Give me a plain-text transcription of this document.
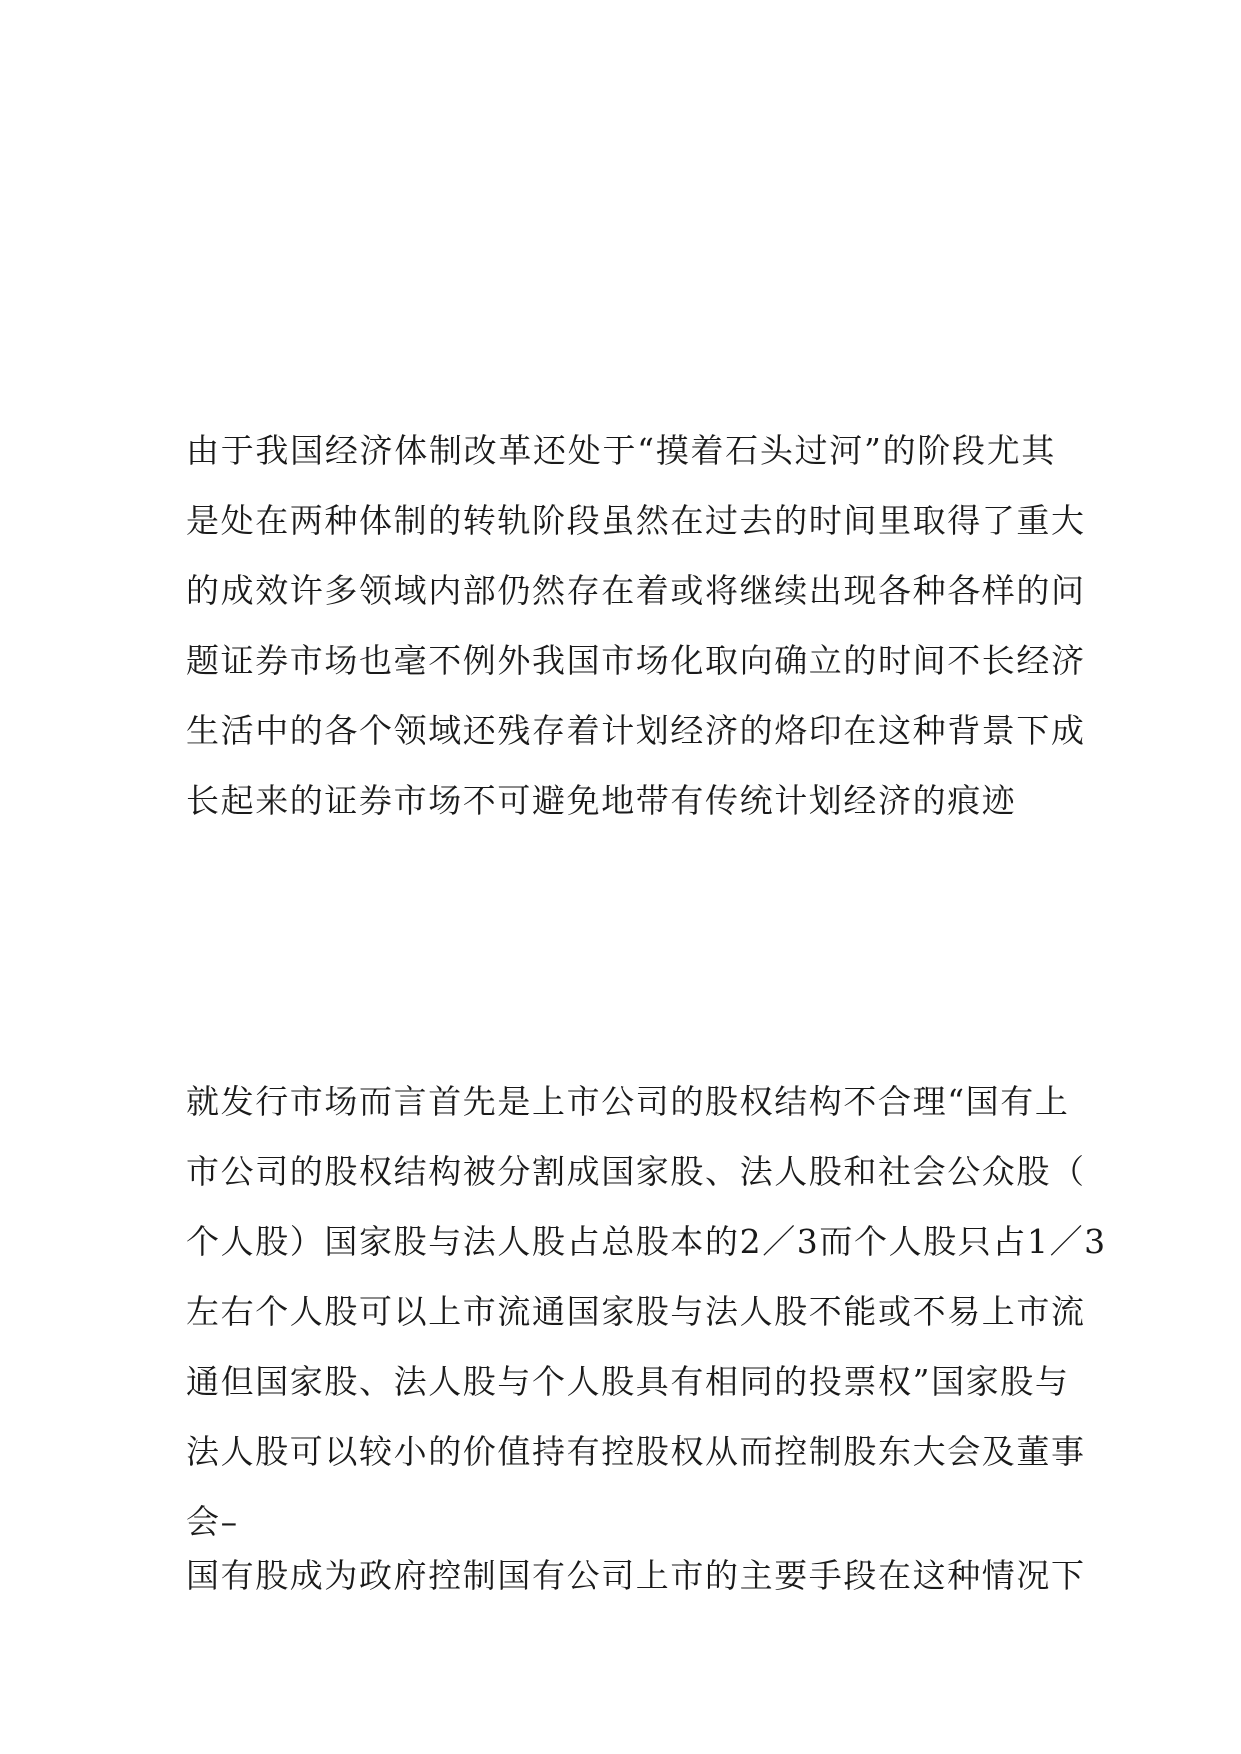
由于我国经济体制改革还处于“摸着石头过河”的阶段尤其
是处在两种体制的转轨阶段虽然在过去的时间里取得了重大
的成效许多领域内部仍然存在着或将继续出现各种各样的问
题证券市场也毫不例外我国市场化取向确立的时间不长经济
生活中的各个领域还残存着计划经济的烙印在这种背景下成
长起来的证券市场不可避免地带有传统计划经济的痕迹
就发行市场而言首先是上市公司的股权结构不合理“国有上
市公司的股权结构被分割成国家股、法人股和社会公众股（
个人股）国家股与法人股占总股本的2／3而个人股只占1／3
左右个人股可以上市流通国家股与法人股不能或不易上市流
通但国家股、法人股与个人股具有相同的投票权”国家股与
法人股可以较小的价值持有控股权从而控制股东大会及董事
会–
国有股成为政府控制国有公司上市的主要手段在这种情况下
